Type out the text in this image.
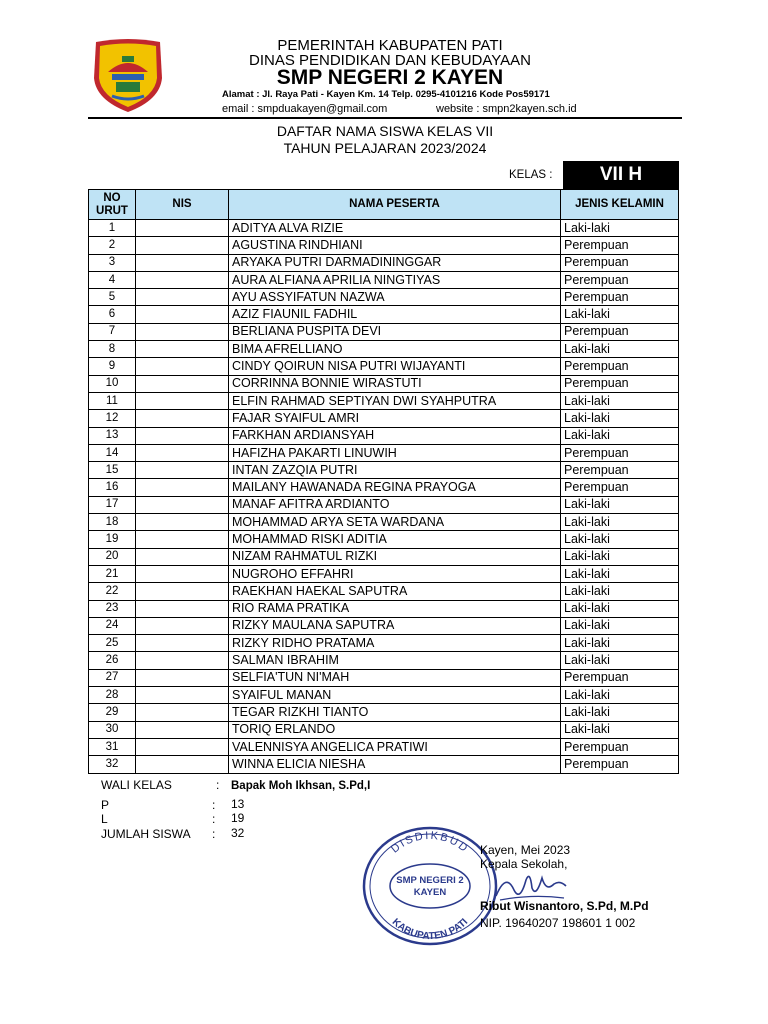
PEMERINTAH KABUPATEN PATI
DINAS PENDIDIKAN DAN KEBUDAYAAN
SMP NEGERI 2 KAYEN
Alamat : Jl. Raya Pati - Kayen Km. 14 Telp. 0295-4101216 Kode Pos59171
email : smpduakayen@gmail.com	website : smpn2kayen.sch.id
DAFTAR NAMA SISWA KELAS VII
TAHUN PELAJARAN 2023/2024
KELAS :	VII H
NO URUT	NIS	NAMA PESERTA	JENIS KELAMIN
1		ADITYA ALVA RIZIE	Laki-laki
2		AGUSTINA RINDHIANI	Perempuan
3		ARYAKA PUTRI DARMADININGGAR	Perempuan
4		AURA ALFIANA APRILIA NINGTIYAS	Perempuan
5		AYU ASSYIFATUN NAZWA	Perempuan
6		AZIZ FIAUNIL FADHIL	Laki-laki
7		BERLIANA PUSPITA DEVI	Perempuan
8		BIMA AFRELLIANO	Laki-laki
9		CINDY QOIRUN NISA PUTRI WIJAYANTI	Perempuan
10		CORRINNA BONNIE WIRASTUTI	Perempuan
11		ELFIN RAHMAD SEPTIYAN DWI SYAHPUTRA	Laki-laki
12		FAJAR SYAIFUL AMRI	Laki-laki
13		FARKHAN ARDIANSYAH	Laki-laki
14		HAFIZHA PAKARTI LINUWIH	Perempuan
15		INTAN ZAZQIA PUTRI	Perempuan
16		MAILANY HAWANADA REGINA PRAYOGA	Perempuan
17		MANAF AFITRA ARDIANTO	Laki-laki
18		MOHAMMAD ARYA SETA WARDANA	Laki-laki
19		MOHAMMAD RISKI ADITIA	Laki-laki
20		NIZAM RAHMATUL RIZKI	Laki-laki
21		NUGROHO EFFAHRI	Laki-laki
22		RAEKHAN HAEKAL SAPUTRA	Laki-laki
23		RIO RAMA PRATIKA	Laki-laki
24		RIZKY MAULANA SAPUTRA	Laki-laki
25		RIZKY RIDHO PRATAMA	Laki-laki
26		SALMAN IBRAHIM	Laki-laki
27		SELFIA'TUN NI'MAH	Perempuan
28		SYAIFUL MANAN	Laki-laki
29		TEGAR RIZKHI TIANTO	Laki-laki
30		TORIQ ERLANDO	Laki-laki
31		VALENNISYA ANGELICA PRATIWI	Perempuan
32		WINNA ELICIA NIESHA	Perempuan
WALI KELAS	: Bapak Moh Ikhsan, S.Pd,I
P	: 13
L	: 19
JUMLAH SISWA : 32
DISDIKBUD
KABUPATEN PATI
SMP NEGERI 2
KAYEN
Kayen, Mei 2023
Kepala Sekolah,
Ribut Wisnantoro, S.Pd, M.Pd
NIP. 19640207 198601 1 002
